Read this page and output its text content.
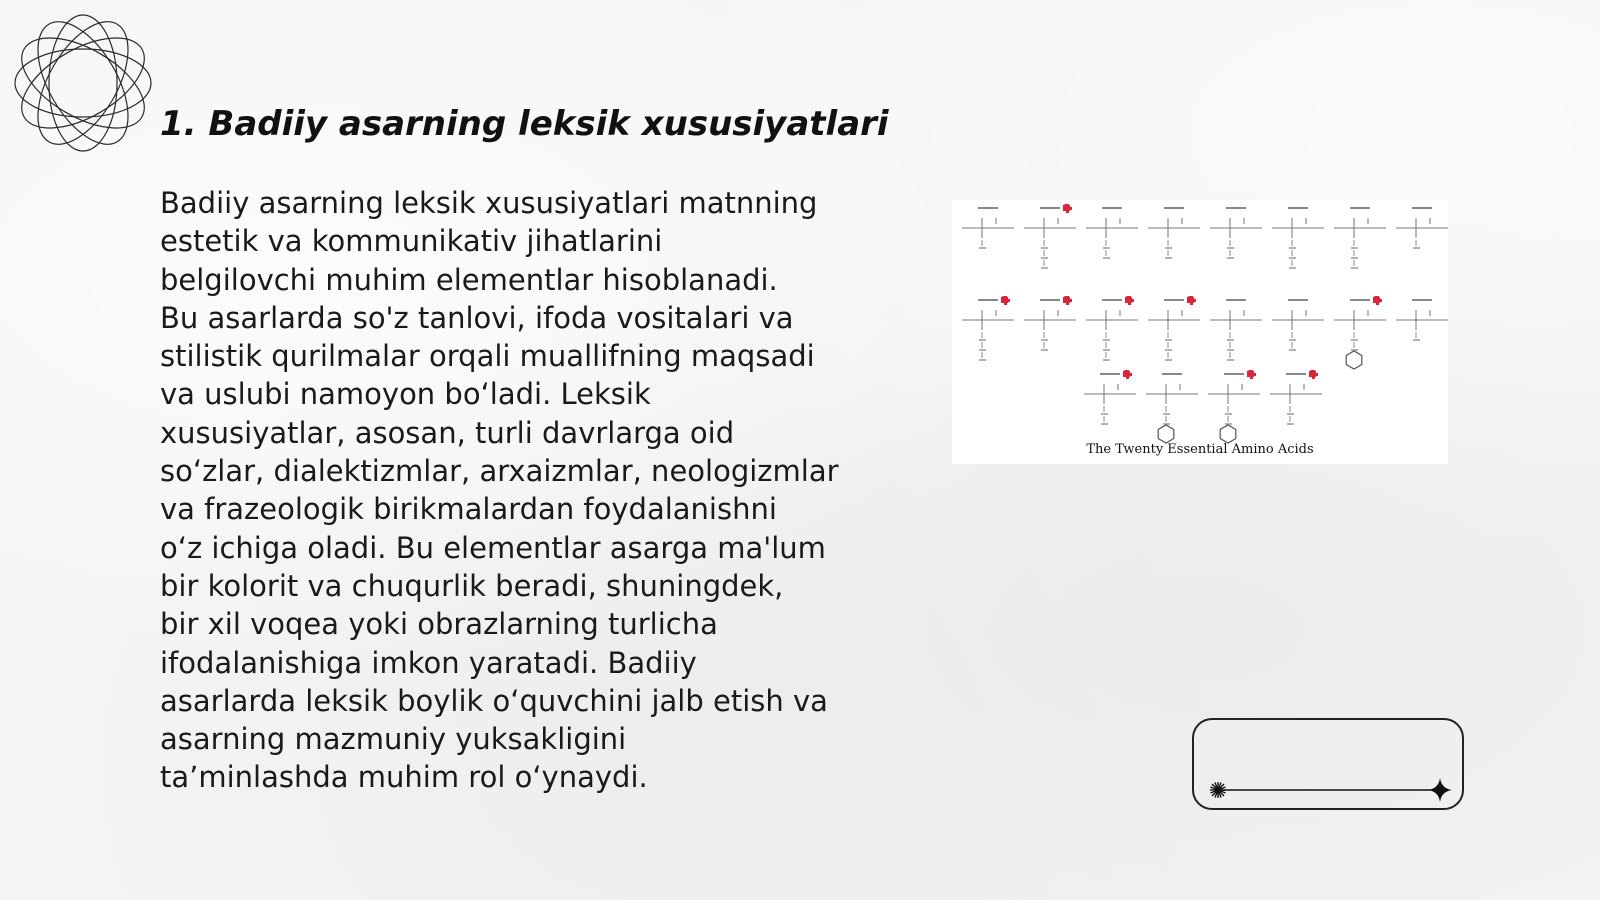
1. Badiiy asarning leksik xususiyatlari

Badiiy asarning leksik xususiyatlari matnning
estetik va kommunikativ jihatlarini
belgilovchi muhim elementlar hisoblanadi.
Bu asarlarda so'z tanlovi, ifoda vositalari va
stilistik qurilmalar orqali muallifning maqsadi
va uslubi namoyon bo‘ladi. Leksik
xususiyatlar, asosan, turli davrlarga oid
so‘zlar, dialektizmlar, arxaizmlar, neologizmlar
va frazeologik birikmalardan foydalanishni
o‘z ichiga oladi. Bu elementlar asarga ma'lum
bir kolorit va chuqurlik beradi, shuningdek,
bir xil voqea yoki obrazlarning turlicha
ifodalanishiga imkon yaratadi. Badiiy
asarlarda leksik boylik o‘quvchini jalb etish va
asarning mazmuniy yuksakligini
ta’minlashda muhim rol o‘ynaydi.

The Twenty Essential Amino Acids
